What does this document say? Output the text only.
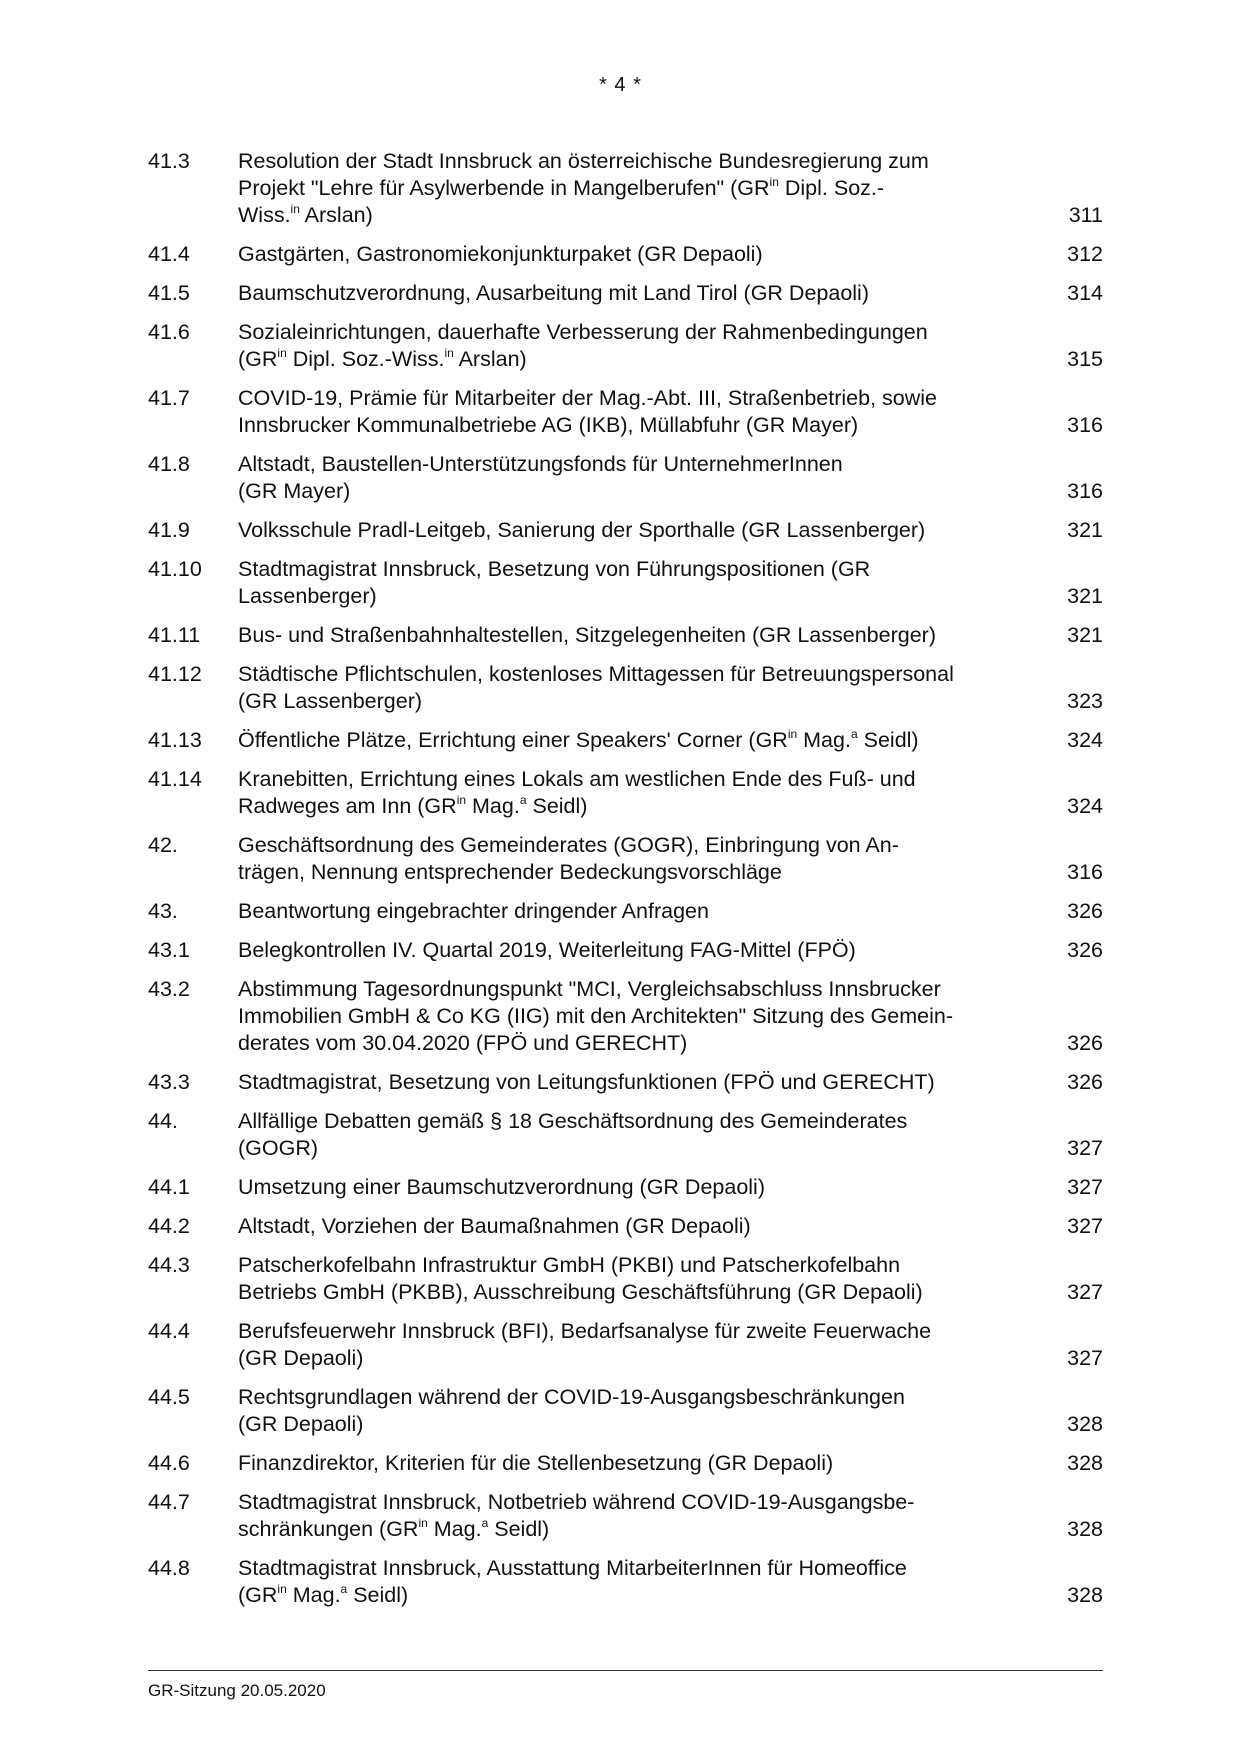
* 4 *
41.3	Resolution der Stadt Innsbruck an österreichische Bundesregierung zum
Projekt "Lehre für Asylwerbende in Mangelberufen" ($GR^{in}$ Dipl. Soz.-
Wiss.$^{in}$ Arslan)	311
41.4	Gastgärten, Gastronomiekonjunkturpaket (GR Depaoli)	312
41.5	Baumschutzverordnung, Ausarbeitung mit Land Tirol (GR Depaoli)	314
41.6	Sozialeinrichtungen, dauerhafte Verbesserung der Rahmenbedingungen
($GR^{in}$ Dipl. Soz.-Wiss.$^{in}$ Arslan)	315
41.7	COVID-19, Prämie für Mitarbeiter der Mag.-Abt. III, Straßenbetrieb, sowie
Innsbrucker Kommunalbetriebe AG (IKB), Müllabfuhr (GR Mayer)	316
41.8	Altstadt, Baustellen-Unterstützungsfonds für UnternehmerInnen
(GR Mayer)	316
41.9	Volksschule Pradl-Leitgeb, Sanierung der Sporthalle (GR Lassenberger)	321
41.10	Stadtmagistrat Innsbruck, Besetzung von Führungspositionen (GR
Lassenberger)	321
41.11	Bus- und Straßenbahnhaltestellen, Sitzgelegenheiten (GR Lassenberger)	321
41.12	Städtische Pflichtschulen, kostenloses Mittagessen für Betreuungspersonal
(GR Lassenberger)	323
41.13	Öffentliche Plätze, Errichtung einer Speakers' Corner ($GR^{in}$ Mag.$^a$ Seidl)	324
41.14	Kranebitten, Errichtung eines Lokals am westlichen Ende des Fuß- und
Radweges am Inn ($GR^{in}$ Mag.$^a$ Seidl)	324
42.	Geschäftsordnung des Gemeinderates (GOGR), Einbringung von An-
trägen, Nennung entsprechender Bedeckungsvorschläge	316
43.	Beantwortung eingebrachter dringender Anfragen	326
43.1	Belegkontrollen IV. Quartal 2019, Weiterleitung FAG-Mittel (FPÖ)	326
43.2	Abstimmung Tagesordnungspunkt "MCI, Vergleichsabschluss Innsbrucker
Immobilien GmbH & Co KG (IIG) mit den Architekten" Sitzung des Gemein-
derates vom 30.04.2020 (FPÖ und GERECHT)	326
43.3	Stadtmagistrat, Besetzung von Leitungsfunktionen (FPÖ und GERECHT)	326
44.	Allfällige Debatten gemäß § 18 Geschäftsordnung des Gemeinderates
(GOGR)	327
44.1	Umsetzung einer Baumschutzverordnung (GR Depaoli)	327
44.2	Altstadt, Vorziehen der Baumaßnahmen (GR Depaoli)	327
44.3	Patscherkofelbahn Infrastruktur GmbH (PKBI) und Patscherkofelbahn
Betriebs GmbH (PKBB), Ausschreibung Geschäftsführung (GR Depaoli)	327
44.4	Berufsfeuerwehr Innsbruck (BFI), Bedarfsanalyse für zweite Feuerwache
(GR Depaoli)	327
44.5	Rechtsgrundlagen während der COVID-19-Ausgangsbeschränkungen
(GR Depaoli)	328
44.6	Finanzdirektor, Kriterien für die Stellenbesetzung (GR Depaoli)	328
44.7	Stadtmagistrat Innsbruck, Notbetrieb während COVID-19-Ausgangsbe-
schränkungen ($GR^{in}$ Mag.$^a$ Seidl)	328
44.8	Stadtmagistrat Innsbruck, Ausstattung MitarbeiterInnen für Homeoffice
($GR^{in}$ Mag.$^a$ Seidl)	328
GR-Sitzung 20.05.2020
